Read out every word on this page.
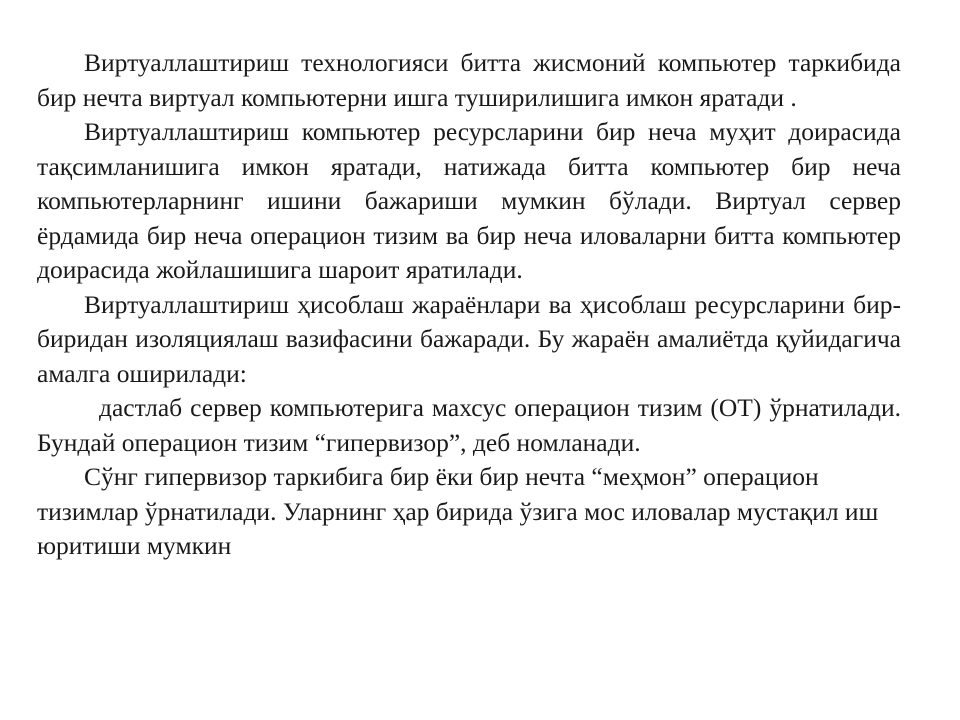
Виртуаллаштириш технологияси битта жисмоний компьютер таркибида бир нечта виртуал компьютерни ишга туширилишига имкон яратади .

Виртуаллаштириш компьютер ресурсларини бир неча муҳит доирасида тақсимланишига имкон яратади, натижада битта компьютер бир неча компьютерларнинг ишини бажариши мумкин бўлади. Виртуал сервер ёрдамида бир неча операцион тизим ва бир неча иловаларни битта компьютер доирасида жойлашишига шароит яратилади.

Виртуаллаштириш ҳисоблаш жараёнлари ва ҳисоблаш ресурсларини бир-биридан изоляциялаш вазифасини бажаради. Бу жараён амалиётда қуйидагича амалга оширилади:

дастлаб сервер компьютерига махсус операцион тизим (ОТ) ўрнатилади. Бундай операцион тизим “гипервизор”, деб номланади.

Сўнг гипервизор таркибига бир ёки бир нечта “меҳмон” операцион тизимлар ўрнатилади. Уларнинг ҳар бирида ўзига мос иловалар мустақил иш юритиши мумкин
